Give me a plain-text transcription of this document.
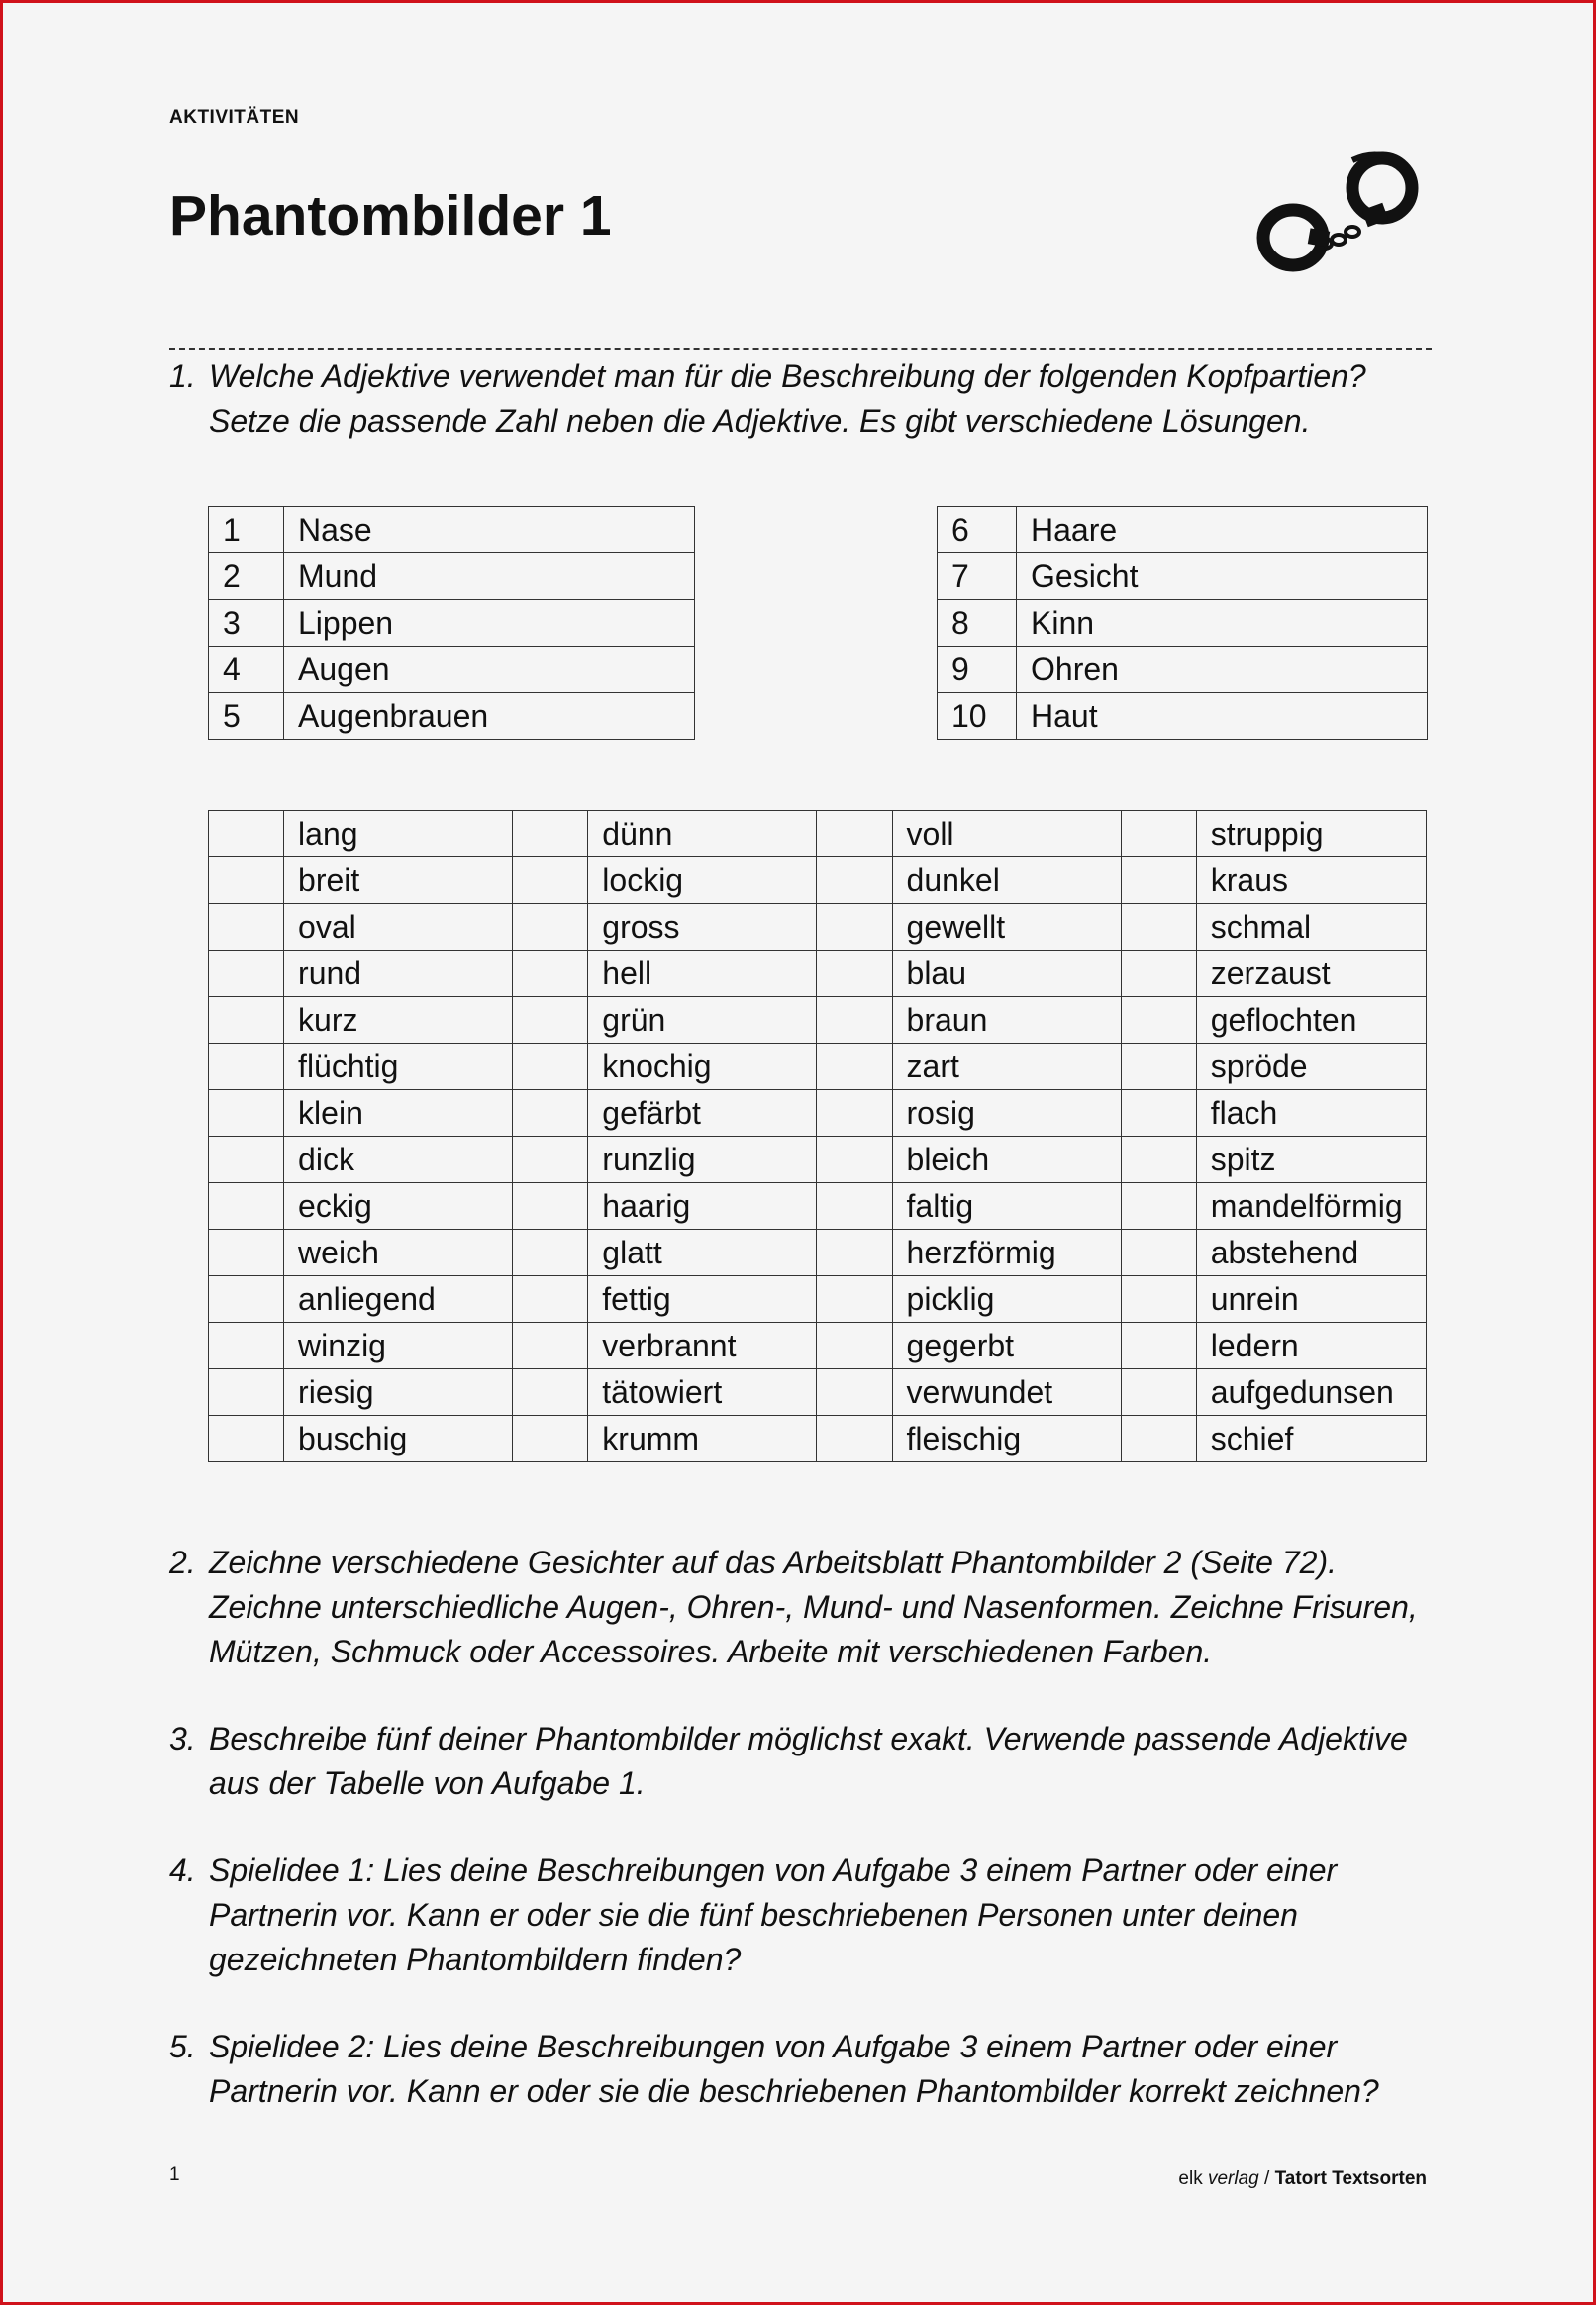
AKTIVITÄTEN
Phantombilder 1
1. Welche Adjektive verwendet man für die Beschreibung der folgenden Kopfpartien? Setze die passende Zahl neben die Adjektive. Es gibt verschiedene Lösungen.
1	Nase
2	Mund
3	Lippen
4	Augen
5	Augenbrauen
6	Haare
7	Gesicht
8	Kinn
9	Ohren
10	Haut
	lang		dünn		voll		struppig
	breit		lockig		dunkel		kraus
	oval		gross		gewellt		schmal
	rund		hell		blau		zerzaust
	kurz		grün		braun		geflochten
	flüchtig		knochig		zart		spröde
	klein		gefärbt		rosig		flach
	dick		runzlig		bleich		spitz
	eckig		haarig		faltig		mandelförmig
	weich		glatt		herzförmig		abstehend
	anliegend		fettig		picklig		unrein
	winzig		verbrannt		gegerbt		ledern
	riesig		tätowiert		verwundet		aufgedunsen
	buschig		krumm		fleischig		schief
2. Zeichne verschiedene Gesichter auf das Arbeitsblatt Phantombilder 2 (Seite 72). Zeichne unterschiedliche Augen-, Ohren-, Mund- und Nasenformen. Zeichne Frisuren, Mützen, Schmuck oder Accessoires. Arbeite mit verschiedenen Farben.
3. Beschreibe fünf deiner Phantombilder möglichst exakt. Verwende passende Adjektive aus der Tabelle von Aufgabe 1.
4. Spielidee 1: Lies deine Beschreibungen von Aufgabe 3 einem Partner oder einer Partnerin vor. Kann er oder sie die fünf beschriebenen Personen unter deinen gezeichneten Phantombildern finden?
5. Spielidee 2: Lies deine Beschreibungen von Aufgabe 3 einem Partner oder einer Partnerin vor. Kann er oder sie die beschriebenen Phantombilder korrekt zeichnen?
1	elk verlag / Tatort Textsorten
